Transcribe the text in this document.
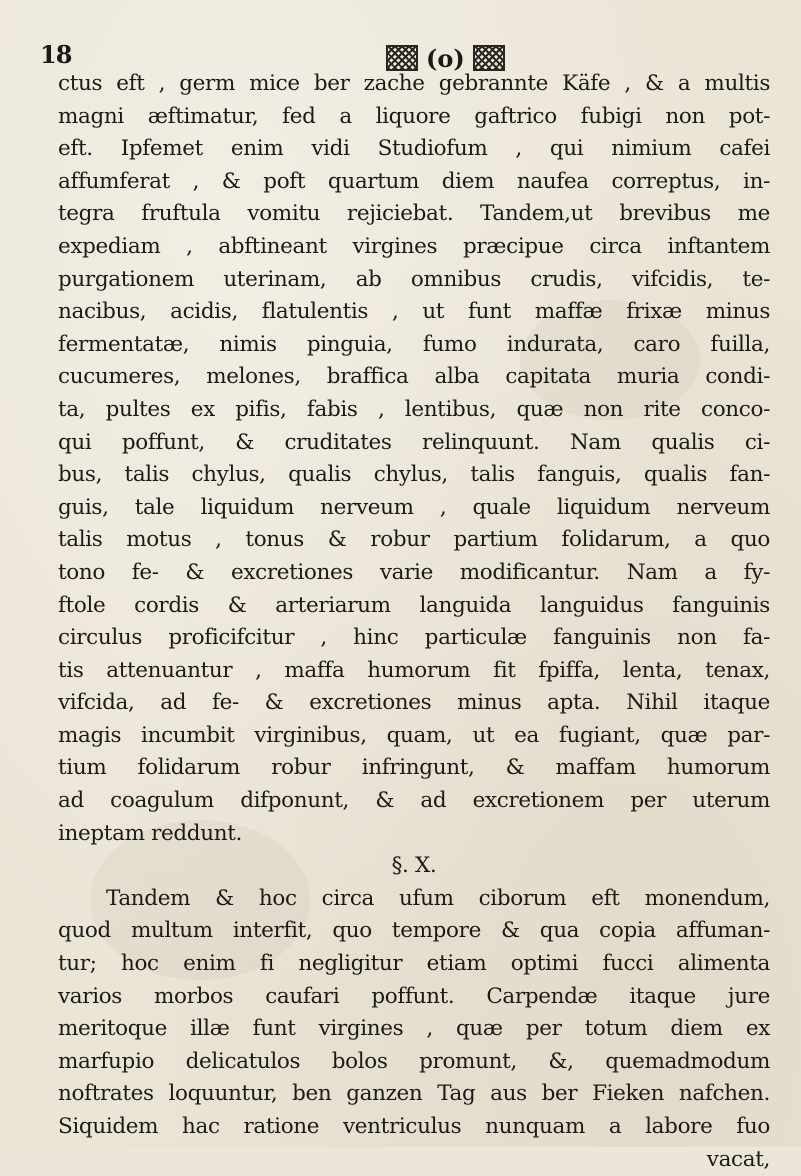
18	(o)
ctus eft , germ mice ber zache gebrannte Käfe , & a multis
magni æftimatur, fed a liquore gaftrico fubigi non pot-
eft. Ipfemet enim vidi Studiofum , qui nimium cafei
affumferat , & poft quartum diem naufea correptus, in-
tegra fruftula vomitu rejiciebat. Tandem,ut brevibus me
expediam , abftineant virgines præcipue circa inftantem
purgationem uterinam, ab omnibus crudis, vifcidis, te-
nacibus, acidis, flatulentis , ut funt maffæ frixæ minus
fermentatæ, nimis pinguia, fumo indurata, caro fuilla,
cucumeres, melones, braffica alba capitata muria condi-
ta, pultes ex pifis, fabis , lentibus, quæ non rite conco-
qui poffunt, & cruditates relinquunt. Nam qualis ci-
bus, talis chylus, qualis chylus, talis fanguis, qualis fan-
guis, tale liquidum nerveum , quale liquidum nerveum
talis motus , tonus & robur partium folidarum, a quo
tono fe- & excretiones varie modificantur. Nam a fy-
ftole cordis & arteriarum languida languidus fanguinis
circulus proficifcitur , hinc particulæ fanguinis non fa-
tis attenuantur , maffa humorum fit fpiffa, lenta, tenax,
vifcida, ad fe- & excretiones minus apta. Nihil itaque
magis incumbit virginibus, quam, ut ea fugiant, quæ par-
tium folidarum robur infringunt, & maffam humorum
ad coagulum difponunt, & ad excretionem per uterum
ineptam reddunt.
§. X.
Tandem & hoc circa ufum ciborum eft monendum,
quod multum interfit, quo tempore & qua copia affuman-
tur; hoc enim fi negligitur etiam optimi fucci alimenta
varios morbos caufari poffunt. Carpendæ itaque jure
meritoque illæ funt virgines , quæ per totum diem ex
marfupio delicatulos bolos promunt, &, quemadmodum
noftrates loquuntur, ben ganzen Tag aus ber Fieken nafchen.
Siquidem hac ratione ventriculus nunquam a labore fuo
vacat,
